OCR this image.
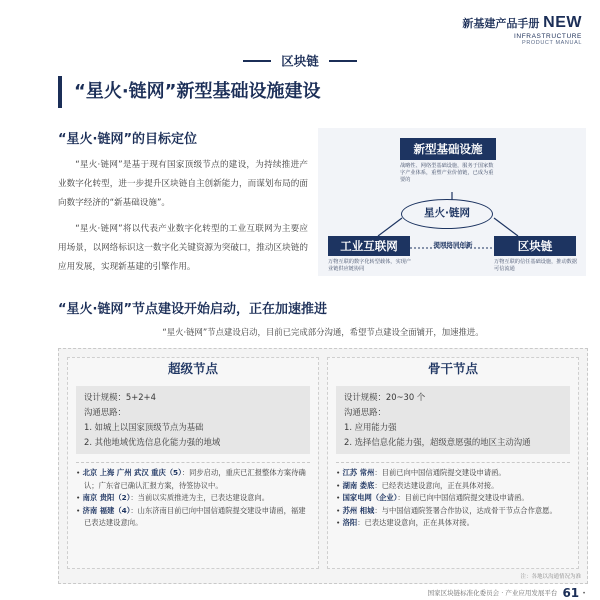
新基建产品手册 NEW
INFRASTRUCTURE
PRODUCT MANUAL
区块链
“星火·链网”新型基础设施建设
“星火·链网”的目标定位
“星火·链网”是基于现有国家顶级节点的建设，为持续推进产业数字化转型，进一步提升区块链自主创新能力，而谋划布局的面向数字经济的“新基础设施”。
“星火·链网”将以代表产业数字化转型的工业互联网为主要应用场景，以网络标识这一数字化关键资源为突破口，推动区块链的应用发展，实现新基建的引擎作用。
新型基础设施
战略性、网络型基础设施，服务于国家数字产业体系，重塑产业价值链，已成为重要的
星火·链网
工业互联网
万物互联的数字化转型载体，实现产业链供应链协同
提网络同创新	区块链
万物互联的信任基础设施，推动数据可信流通
“星火·链网”节点建设开始启动，正在加速推进
“星火·链网”节点建设启动，目前已完成部分沟通，希望节点建设全面铺开，加速推进。
超级节点
设计规模：5+2+4
沟通思路：
1. 如城上以国家顶级节点为基础
2. 其他地域优选信息化能力强的地域
• 北京 上海 广州 武汉 重庆（5）：同步启动，重庆已汇报整体方案待确认；广东省已确认汇报方案，待签协议中。
• 南京 贵阳（2）：当前以实质推进为主，已表达建设意向。
• 济南 福建（4）：山东济南目前已向中国信通院提交建设申请函，福建已表达建设意向。
骨干节点
设计规模：20~30 个
沟通思路：
1. 应用能力强
2. 选择信息化能力强，超级意愿强的地区主动沟通
• 江苏 常州：目前已向中国信通院提交建设申请函。
• 湖南 娄底：已经表达建设意向，正在具体对接。
• 国家电网（企业）：目前已向中国信通院提交建设申请函。
• 苏州 相城：与中国信通院签署合作协议，达成骨干节点合作意愿。
• 洛阳：已表达建设意向，正在具体对接。
注：各地以沟通情况为准
国家区块链标准化委员会 · 产业应用发展平台 61 •
